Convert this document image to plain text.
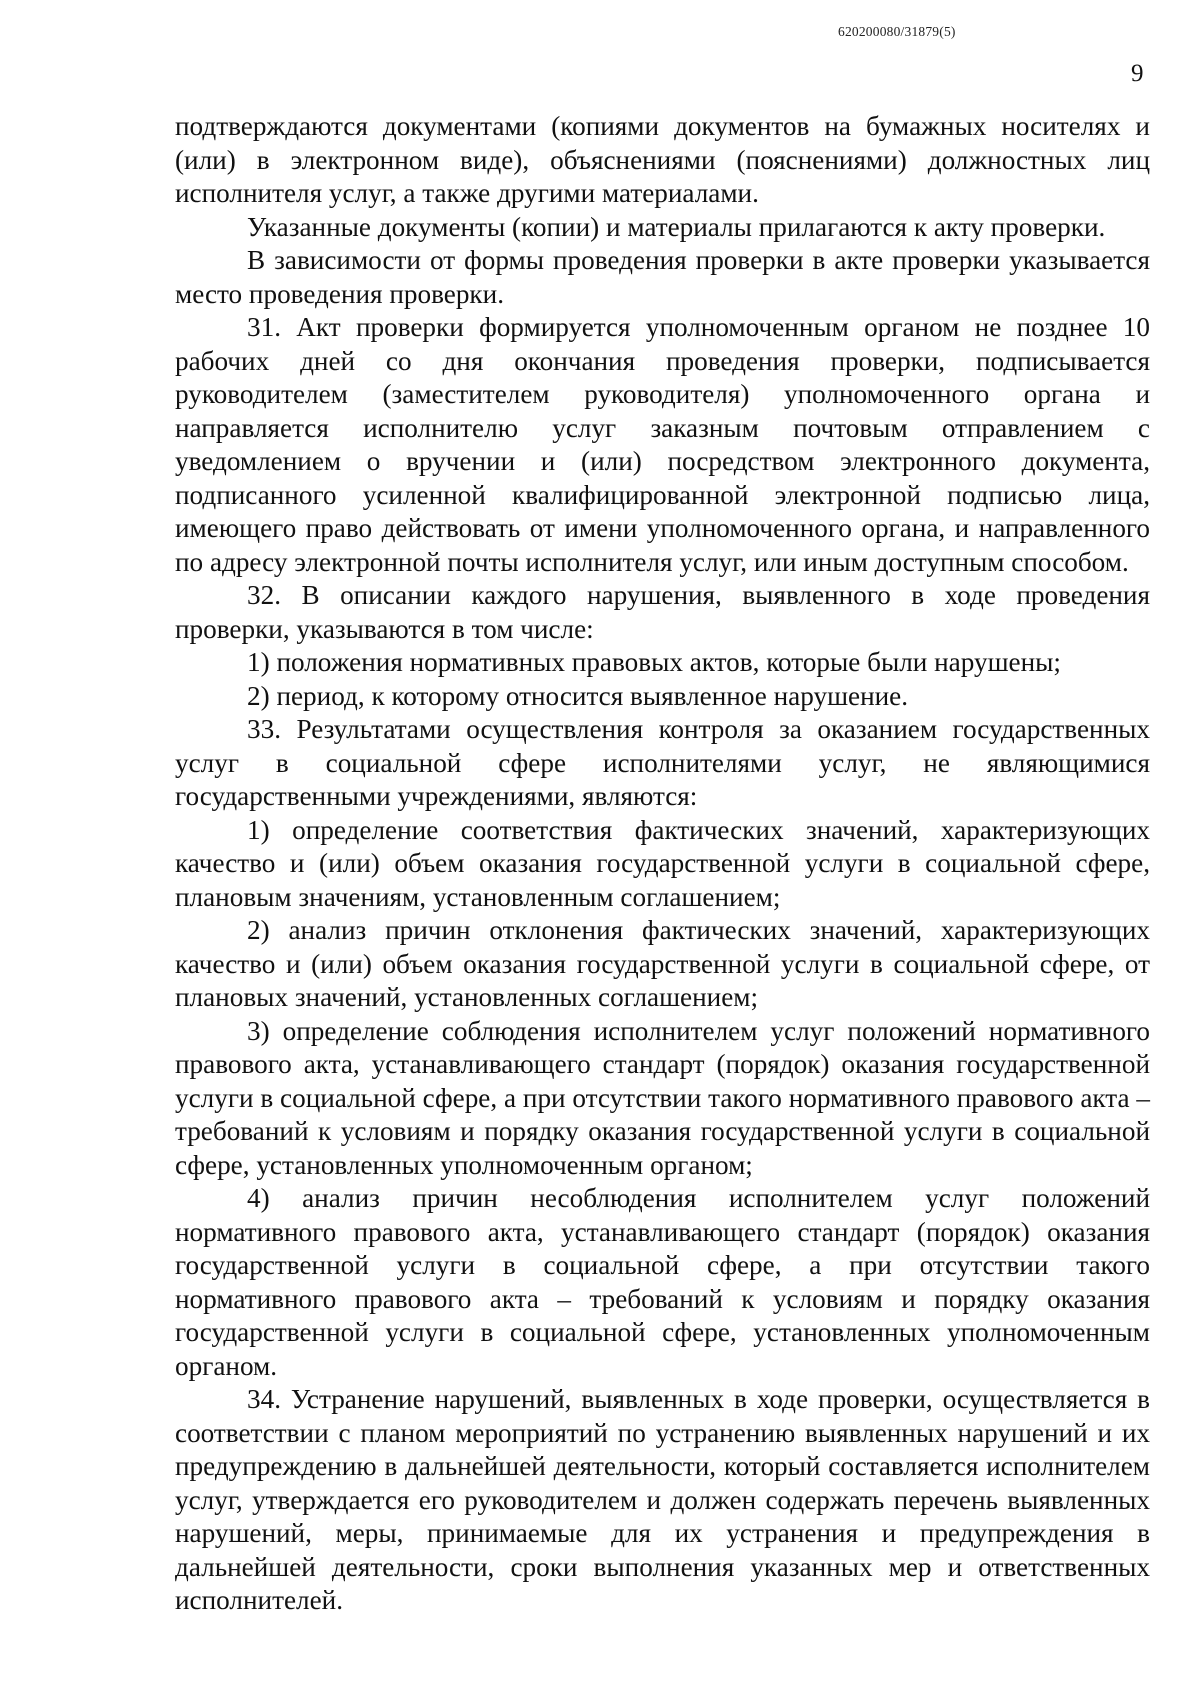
620200080/31879(5)
9

подтверждаются документами (копиями документов на бумажных носителях и (или) в электронном виде), объяснениями (пояснениями) должностных лиц исполнителя услуг, а также другими материалами.

Указанные документы (копии) и материалы прилагаются к акту проверки.

В зависимости от формы проведения проверки в акте проверки указывается место проведения проверки.

31. Акт проверки формируется уполномоченным органом не позднее 10 рабочих дней со дня окончания проведения проверки, подписывается руководителем (заместителем руководителя) уполномоченного органа и направляется исполнителю услуг заказным почтовым отправлением с уведомлением о вручении и (или) посредством электронного документа, подписанного усиленной квалифицированной электронной подписью лица, имеющего право действовать от имени уполномоченного органа, и направленного по адресу электронной почты исполнителя услуг, или иным доступным способом.

32. В описании каждого нарушения, выявленного в ходе проведения проверки, указываются в том числе:

1) положения нормативных правовых актов, которые были нарушены;

2) период, к которому относится выявленное нарушение.

33. Результатами осуществления контроля за оказанием государственных услуг в социальной сфере исполнителями услуг, не являющимися государственными учреждениями, являются:

1) определение соответствия фактических значений, характеризующих качество и (или) объем оказания государственной услуги в социальной сфере, плановым значениям, установленным соглашением;

2) анализ причин отклонения фактических значений, характеризующих качество и (или) объем оказания государственной услуги в социальной сфере, от плановых значений, установленных соглашением;

3) определение соблюдения исполнителем услуг положений нормативного правового акта, устанавливающего стандарт (порядок) оказания государственной услуги в социальной сфере, а при отсутствии такого нормативного правового акта – требований к условиям и порядку оказания государственной услуги в социальной сфере, установленных уполномоченным органом;

4) анализ причин несоблюдения исполнителем услуг положений нормативного правового акта, устанавливающего стандарт (порядок) оказания государственной услуги в социальной сфере, а при отсутствии такого нормативного правового акта – требований к условиям и порядку оказания государственной услуги в социальной сфере, установленных уполномоченным органом.

34. Устранение нарушений, выявленных в ходе проверки, осуществляется в соответствии с планом мероприятий по устранению выявленных нарушений и их предупреждению в дальнейшей деятельности, который составляется исполнителем услуг, утверждается его руководителем и должен содержать перечень выявленных нарушений, меры, принимаемые для их устранения и предупреждения в дальнейшей деятельности, сроки выполнения указанных мер и ответственных исполнителей.
